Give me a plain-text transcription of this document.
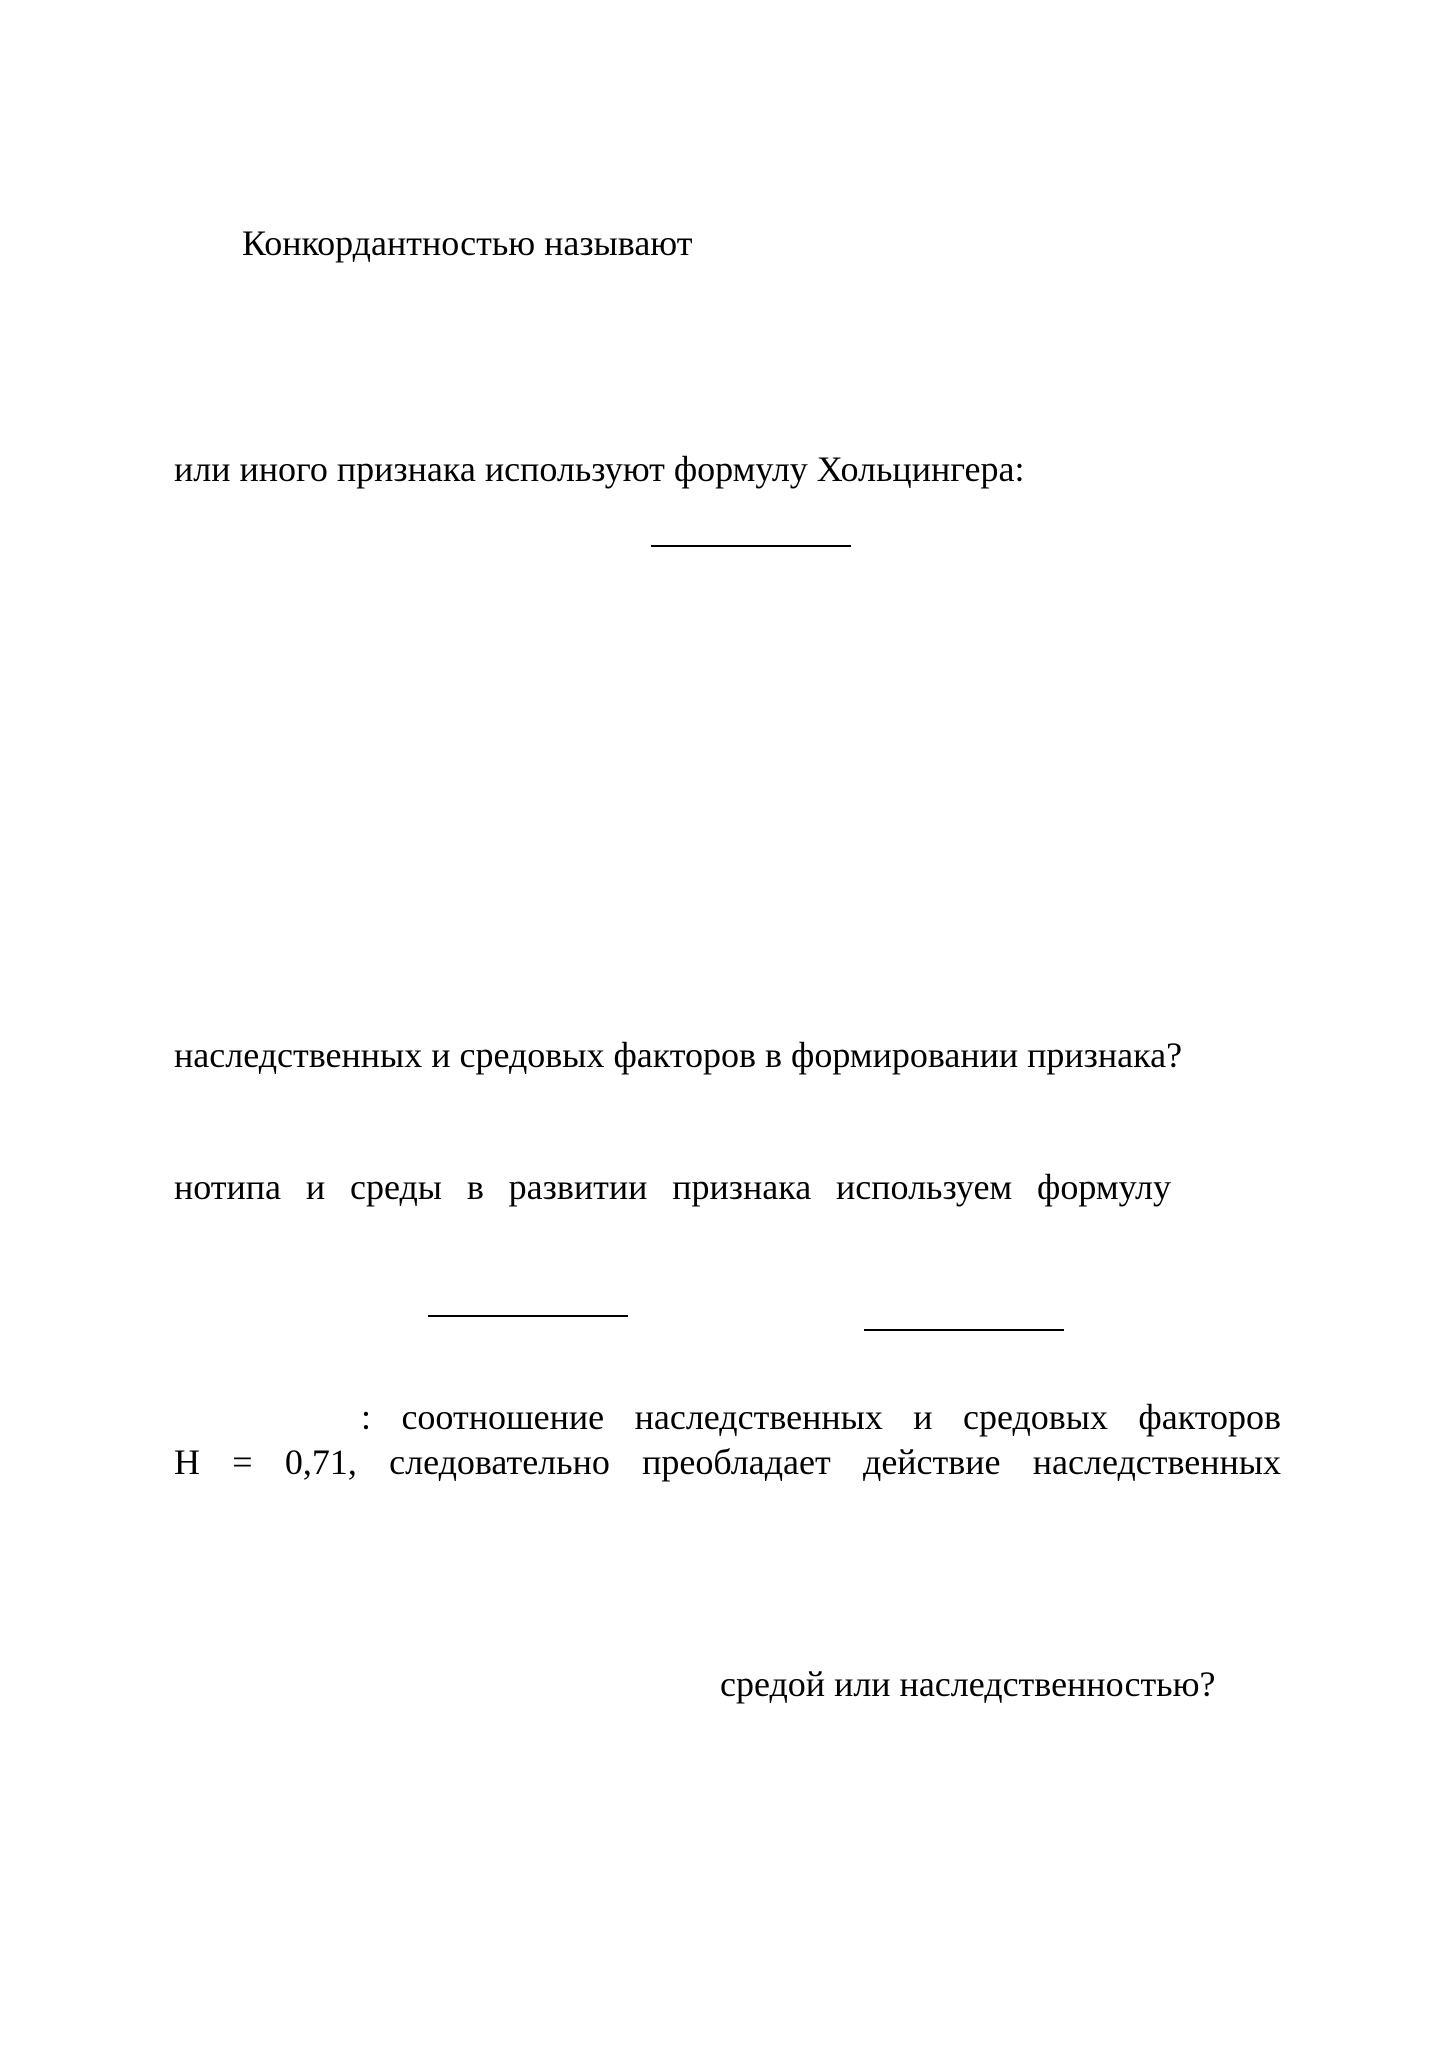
Конкордантностью называют
или иного признака используют формулу Хольцингера:
наследственных и средовых факторов в формировании признака?
нотипа и среды в развитии признака используем формулу
: соотношение наследственных и средовых факторов
H = 0,71, следовательно преобладает действие наследственных
средой или наследственностью?
